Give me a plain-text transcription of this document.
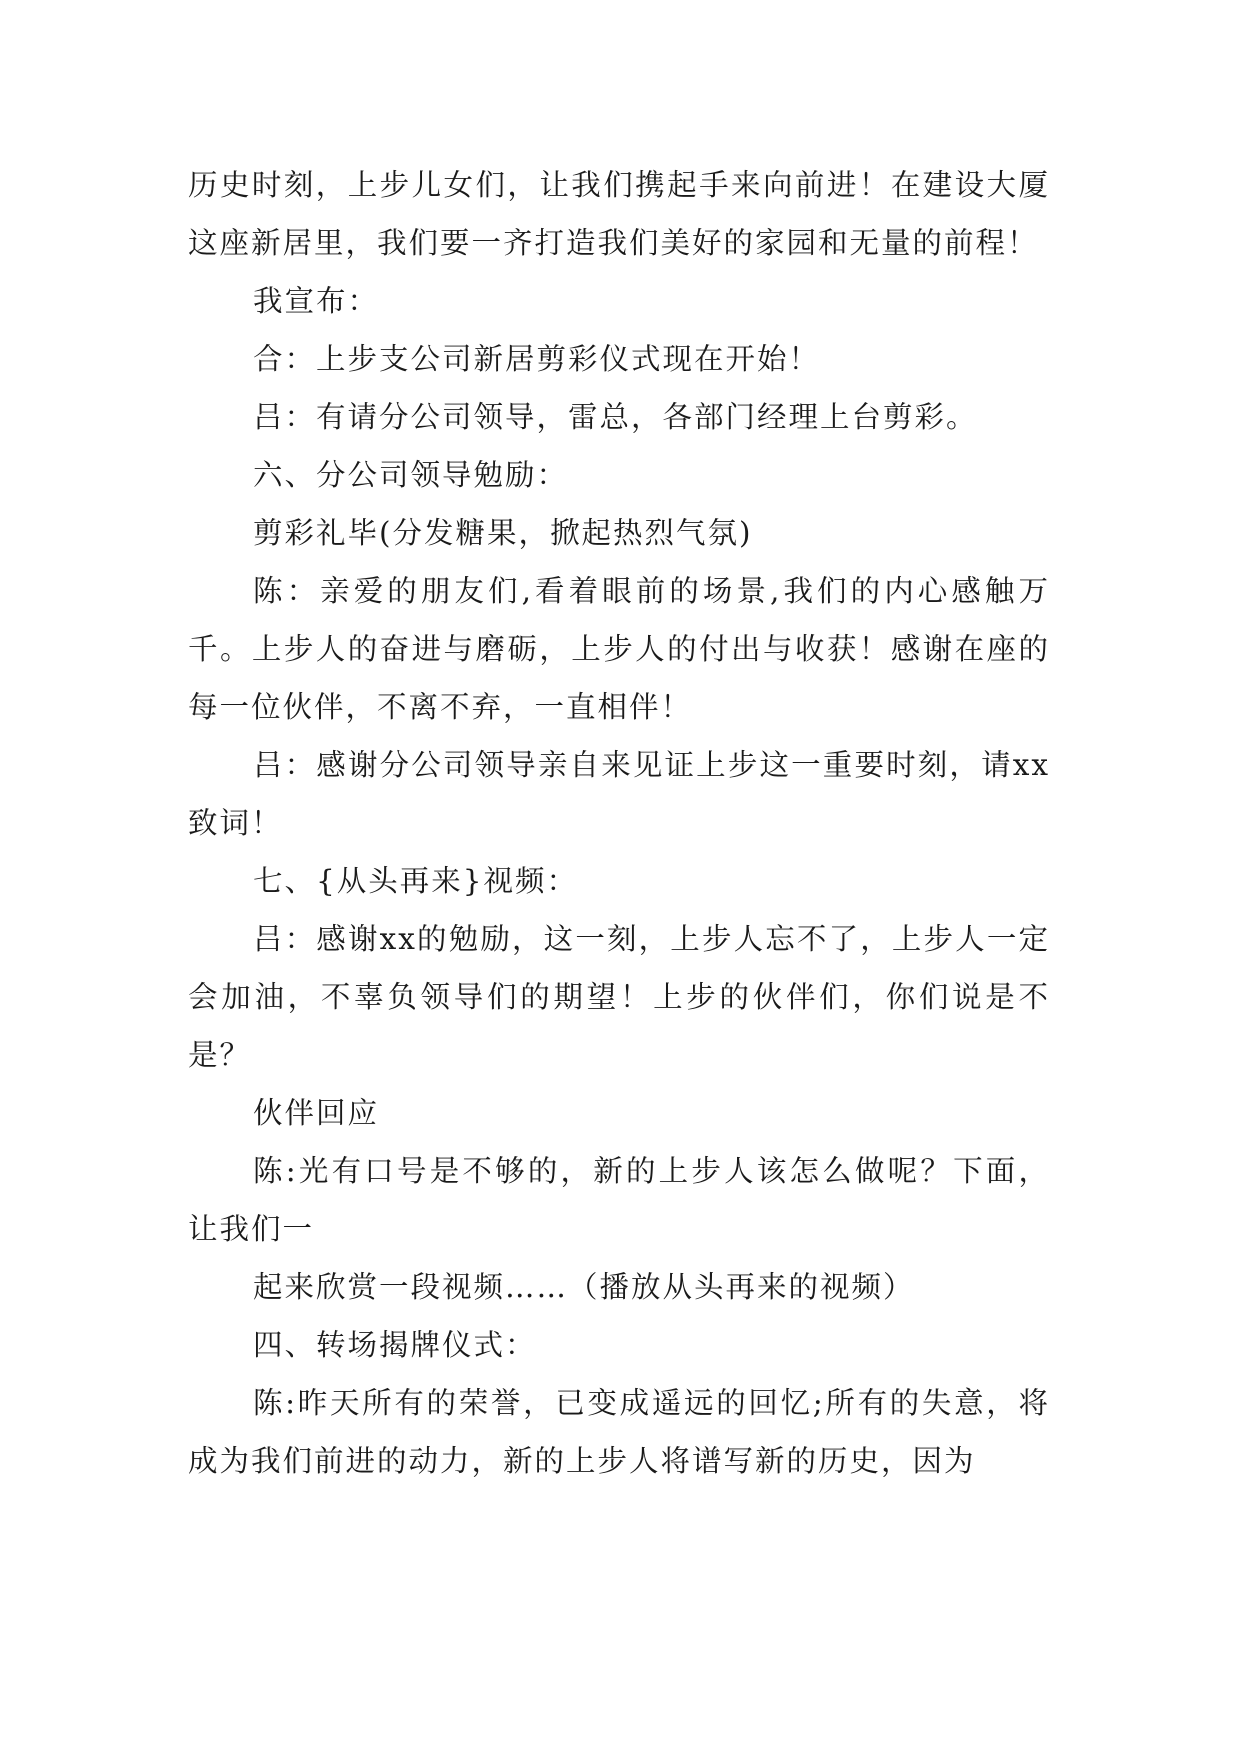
历史时刻，上步儿女们，让我们携起手来向前进！在建设大厦这座新居里，我们要一齐打造我们美好的家园和无量的前程！

我宣布：

合：上步支公司新居剪彩仪式现在开始！

吕：有请分公司领导，雷总，各部门经理上台剪彩。

六、分公司领导勉励：

剪彩礼毕(分发糖果，掀起热烈气氛)

陈：亲爱的朋友们,看着眼前的场景,我们的内心感触万千。上步人的奋进与磨砺，上步人的付出与收获！感谢在座的每一位伙伴，不离不弃，一直相伴！

吕：感谢分公司领导亲自来见证上步这一重要时刻，请xx致词！

七、{从头再来}视频：

吕：感谢xx的勉励，这一刻，上步人忘不了，上步人一定会加油，不辜负领导们的期望！上步的伙伴们，你们说是不是？

伙伴回应

陈:光有口号是不够的，新的上步人该怎么做呢？下面，让我们一

起来欣赏一段视频……（播放从头再来的视频）

四、转场揭牌仪式：

陈:昨天所有的荣誉，已变成遥远的回忆;所有的失意，将成为我们前进的动力，新的上步人将谱写新的历史，因为
